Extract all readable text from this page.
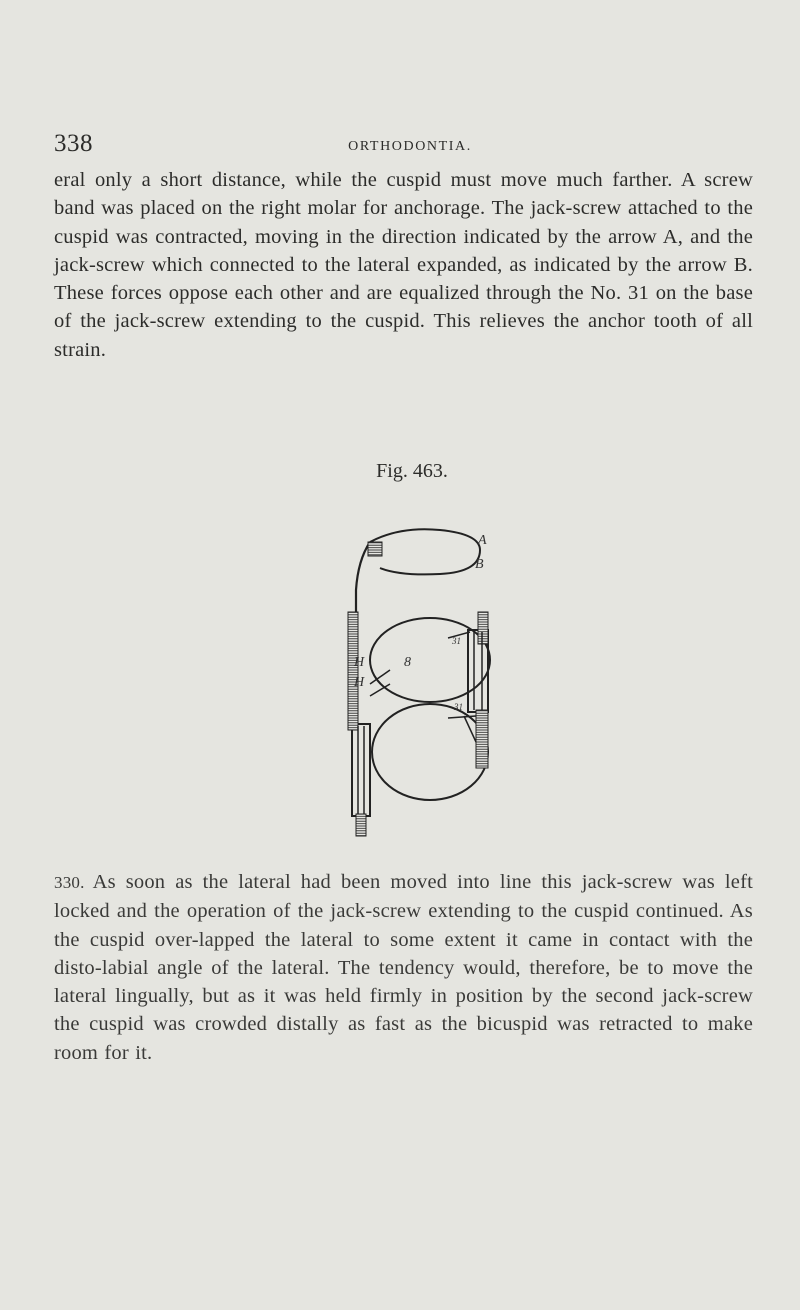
338	ORTHODONTIA.

eral only a short distance, while the cuspid must move much farther. A screw band was placed on the right molar for anchorage. The jack-screw attached to the cuspid was contracted, moving in the direction indicated by the arrow A, and the jack-screw which connected to the lateral expanded, as indicated by the arrow B. These forces oppose each other and are equalized through the No. 31 on the base of the jack-screw extending to the cuspid. This relieves the anchor tooth of all strain.

Fig. 463.
A
B
H
H
8
31
31

330. As soon as the lateral had been moved into line this jack-screw was left locked and the operation of the jack-screw extending to the cuspid continued. As the cuspid over-lapped the lateral to some extent it came in contact with the disto-labial angle of the lateral. The tendency would, therefore, be to move the lateral lingually, but as it was held firmly in position by the second jack-screw the cuspid was crowded distally as fast as the bicuspid was retracted to make room for it.
